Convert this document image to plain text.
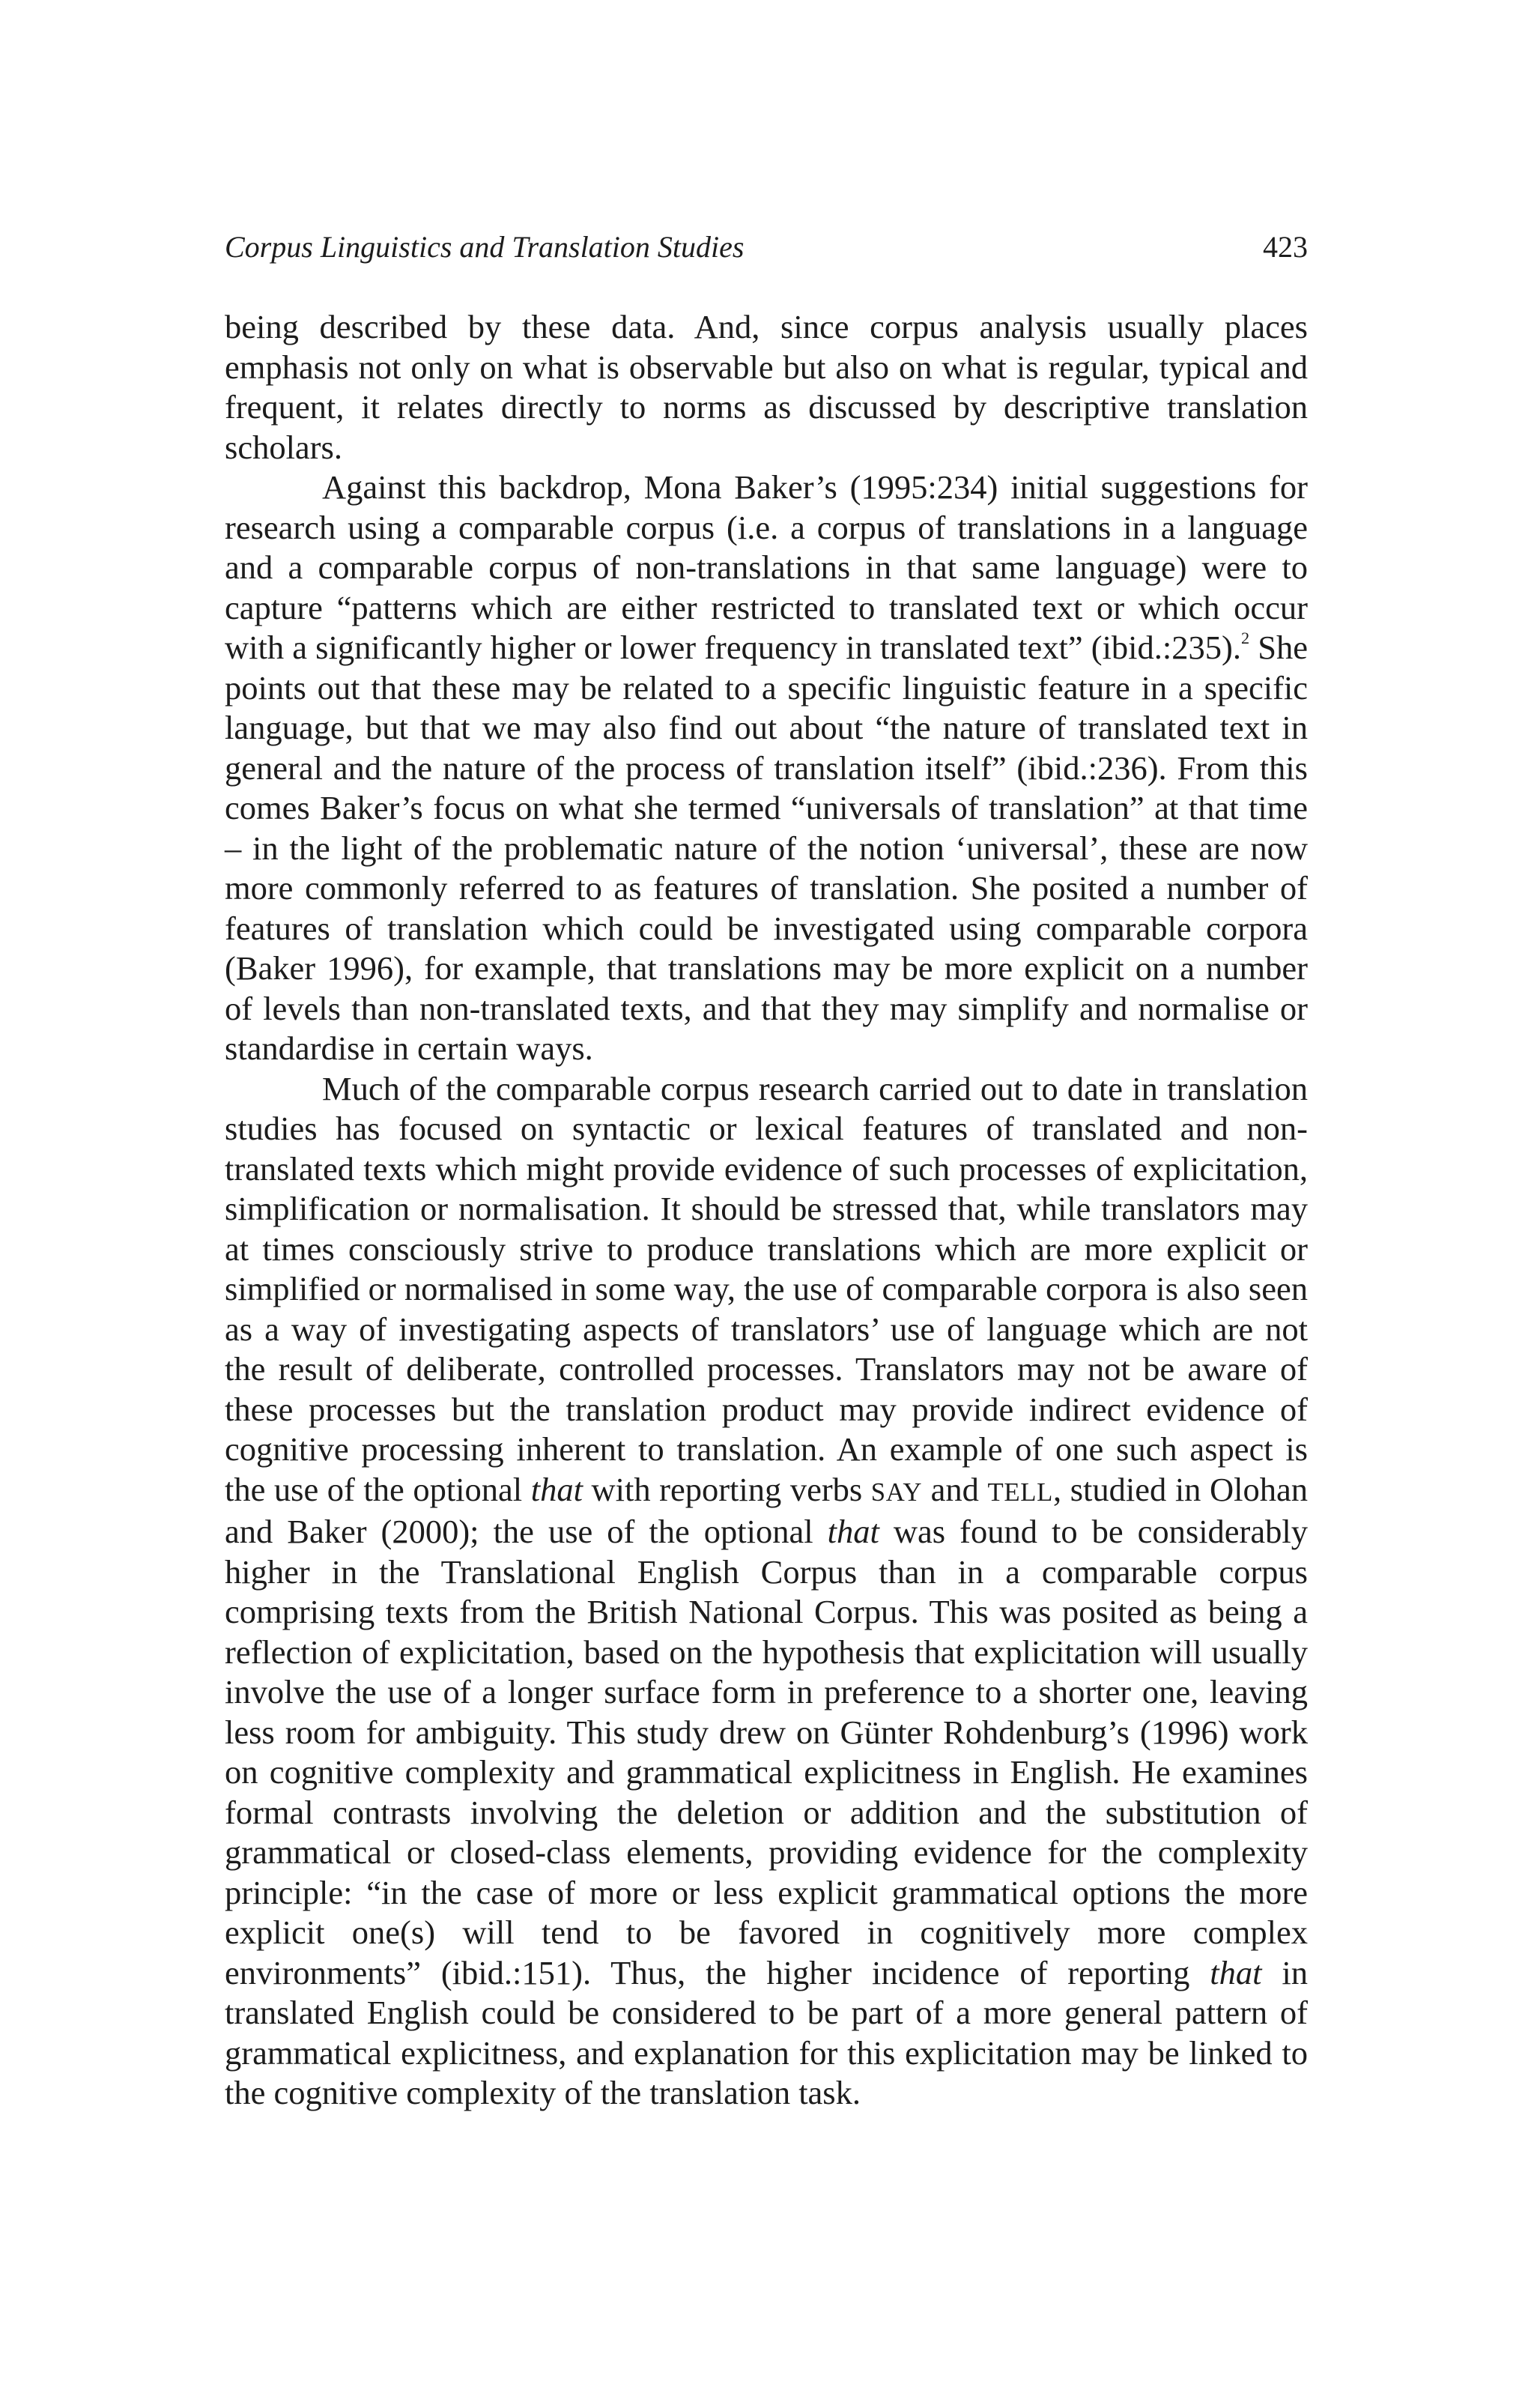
Corpus Linguistics and Translation Studies	423

being described by these data. And, since corpus analysis usually places emphasis not only on what is observable but also on what is regular, typical and frequent, it relates directly to norms as discussed by descriptive translation scholars.

Against this backdrop, Mona Baker’s (1995:234) initial suggestions for research using a comparable corpus (i.e. a corpus of translations in a language and a comparable corpus of non-translations in that same language) were to capture “patterns which are either restricted to translated text or which occur with a significantly higher or lower frequency in translated text” (ibid.:235).$^2$ She points out that these may be related to a specific linguistic feature in a specific language, but that we may also find out about “the nature of translated text in general and the nature of the process of translation itself” (ibid.:236). From this comes Baker’s focus on what she termed “universals of translation” at that time – in the light of the problematic nature of the notion ‘universal’, these are now more commonly referred to as features of translation. She posited a number of features of translation which could be investigated using comparable corpora (Baker 1996), for example, that translations may be more explicit on a number of levels than non-translated texts, and that they may simplify and normalise or standardise in certain ways.

Much of the comparable corpus research carried out to date in translation studies has focused on syntactic or lexical features of translated and non-translated texts which might provide evidence of such processes of explicitation, simplification or normalisation. It should be stressed that, while translators may at times consciously strive to produce translations which are more explicit or simplified or normalised in some way, the use of comparable corpora is also seen as a way of investigating aspects of translators’ use of language which are not the result of deliberate, controlled processes. Translators may not be aware of these processes but the translation product may provide indirect evidence of cognitive processing inherent to translation. An example of one such aspect is the use of the optional that with reporting verbs SAY and TELL, studied in Olohan and Baker (2000); the use of the optional that was found to be considerably higher in the Translational English Corpus than in a comparable corpus comprising texts from the British National Corpus. This was posited as being a reflection of explicitation, based on the hypothesis that explicitation will usually involve the use of a longer surface form in preference to a shorter one, leaving less room for ambiguity. This study drew on Günter Rohdenburg’s (1996) work on cognitive complexity and grammatical explicitness in English. He examines formal contrasts involving the deletion or addition and the substitution of grammatical or closed-class elements, providing evidence for the complexity principle: “in the case of more or less explicit grammatical options the more explicit one(s) will tend to be favored in cognitively more complex environments” (ibid.:151). Thus, the higher incidence of reporting that in translated English could be considered to be part of a more general pattern of grammatical explicitness, and explanation for this explicitation may be linked to the cognitive complexity of the translation task.
